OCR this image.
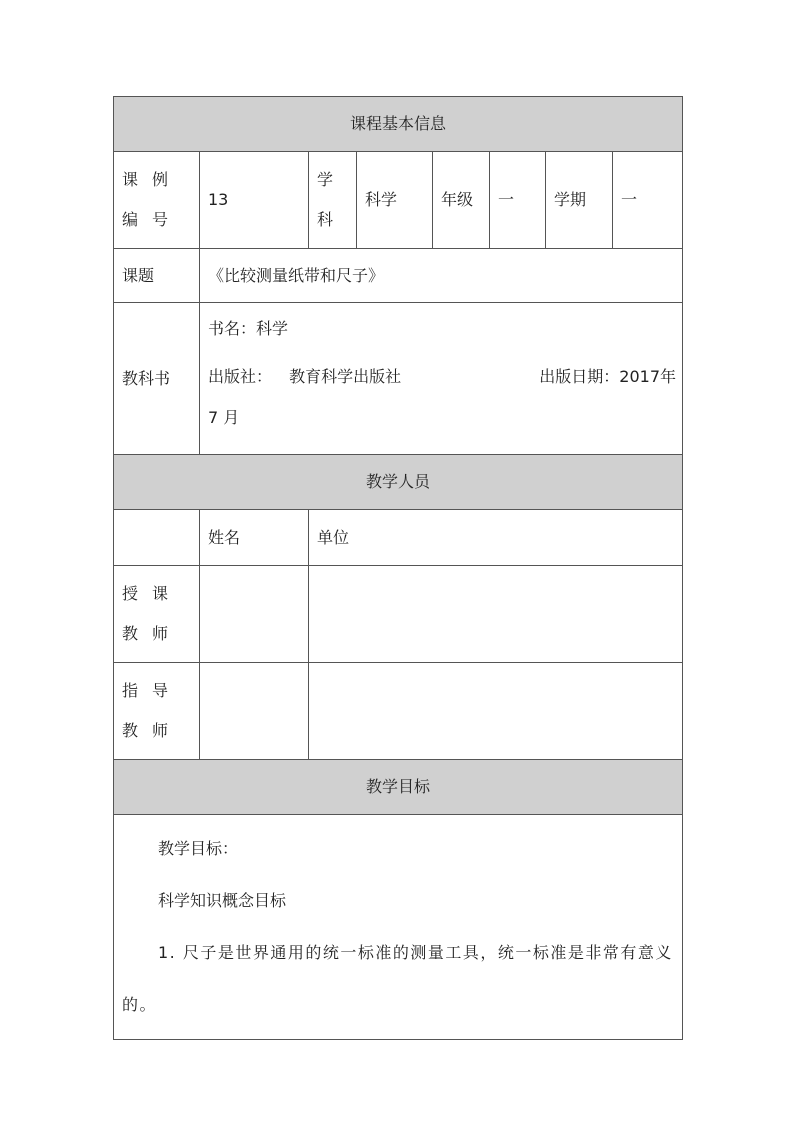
课程基本信息							
课例编号	13	学科	科学	年级	一	学期	一
课题	《比较测量纸带和尺子》						
教科书	书名：科学
出版社： 教育科学出版社 出版日期：2017年
7 月						

教学人员							
	姓名	单位					
授课教师							
指导教师							
教学目标							

教学目标：
科学知识概念目标
1. 尺子是世界通用的统一标准的测量工具，统一标准是非常有意义的。							
